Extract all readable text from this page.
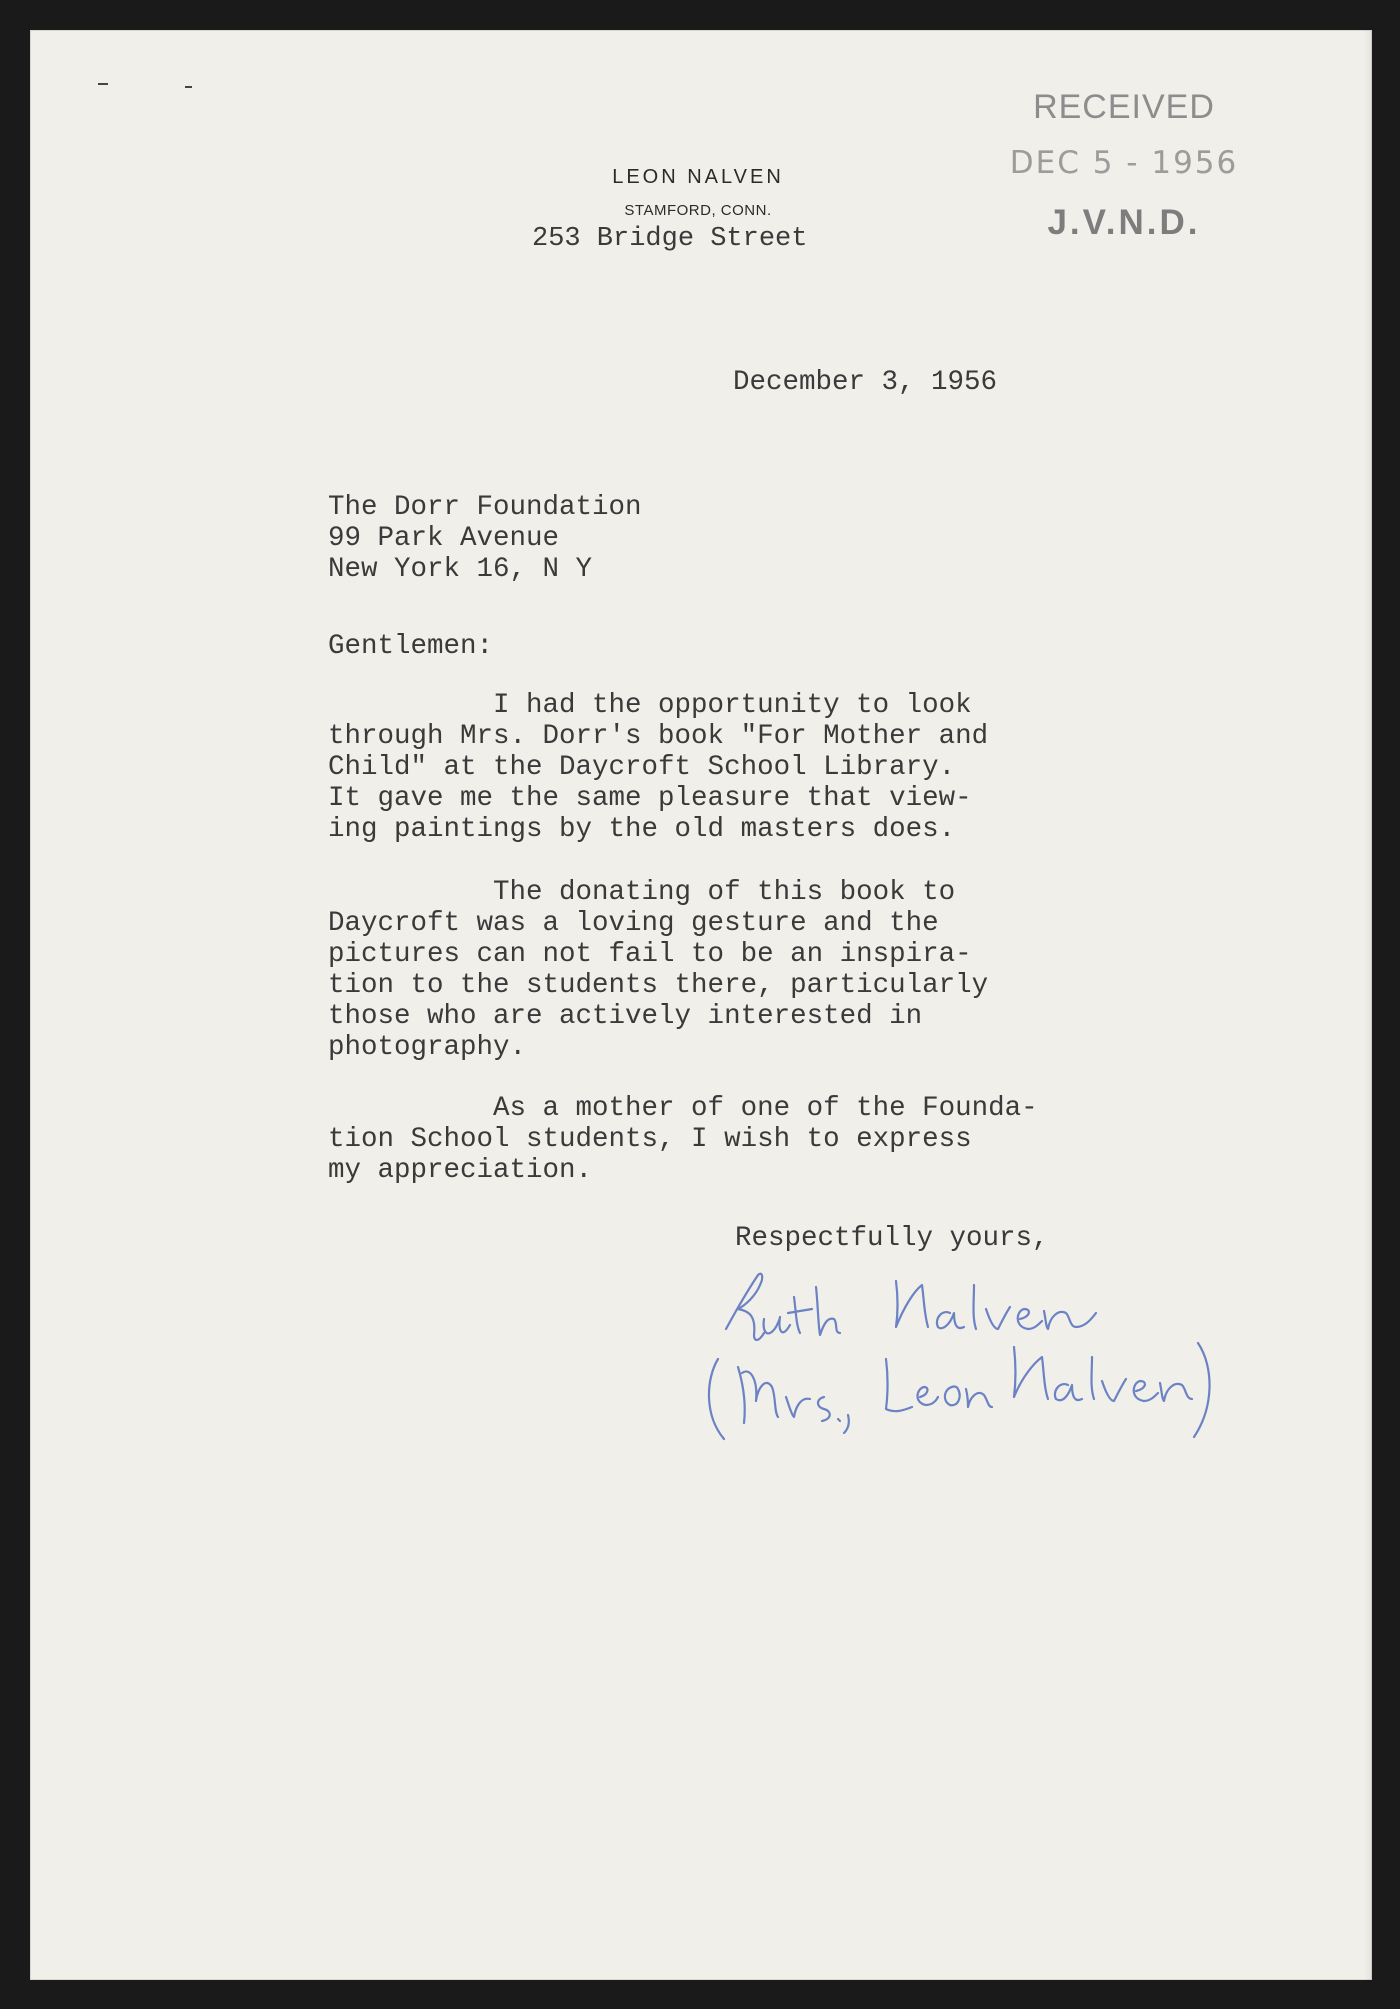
LEON NALVEN
STAMFORD, CONN.
253 Bridge Street
RECEIVED
DEC 5 - 1956
J.V.N.D.
December 3, 1956
The Dorr Foundation
99 Park Avenue
New York 16, N Y
Gentlemen:
I had the opportunity to look
through Mrs. Dorr's book "For Mother and
Child" at the Daycroft School Library.
It gave me the same pleasure that view-
ing paintings by the old masters does.
The donating of this book to
Daycroft was a loving gesture and the
pictures can not fail to be an inspira-
tion to the students there, particularly
those who are actively interested in
photography.
As a mother of one of the Founda-
tion School students, I wish to express
my appreciation.
Respectfully yours,
